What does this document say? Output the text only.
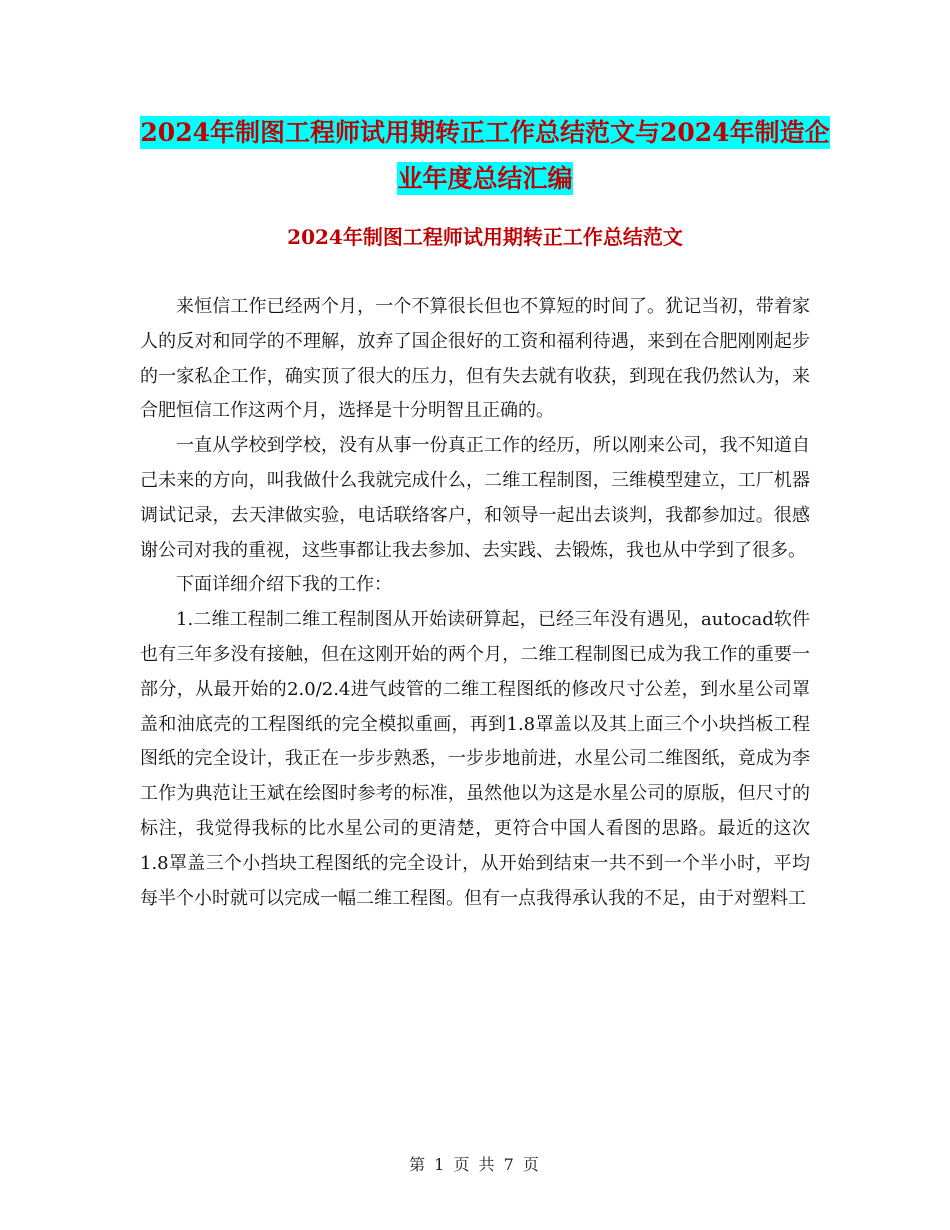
2024年制图工程师试用期转正工作总结范文与2024年制造企业年度总结汇编
2024年制图工程师试用期转正工作总结范文

来恒信工作已经两个月，一个不算很长但也不算短的时间了。犹记当初，带着家人的反对和同学的不理解，放弃了国企很好的工资和福利待遇，来到在合肥刚刚起步的一家私企工作，确实顶了很大的压力，但有失去就有收获，到现在我仍然认为，来合肥恒信工作这两个月，选择是十分明智且正确的。

一直从学校到学校，没有从事一份真正工作的经历，所以刚来公司，我不知道自己未来的方向，叫我做什么我就完成什么，二维工程制图，三维模型建立，工厂机器调试记录，去天津做实验，电话联络客户，和领导一起出去谈判，我都参加过。很感谢公司对我的重视，这些事都让我去参加、去实践、去锻炼，我也从中学到了很多。

下面详细介绍下我的工作：

1.二维工程制二维工程制图从开始读研算起，已经三年没有遇见，autocad软件也有三年多没有接触，但在这刚开始的两个月，二维工程制图已成为我工作的重要一部分，从最开始的2.0/2.4进气歧管的二维工程图纸的修改尺寸公差，到水星公司罩盖和油底壳的工程图纸的完全模拟重画，再到1.8罩盖以及其上面三个小块挡板工程图纸的完全设计，我正在一步步熟悉，一步步地前进，水星公司二维图纸，竟成为李工作为典范让王斌在绘图时参考的标准，虽然他以为这是水星公司的原版，但尺寸的标注，我觉得我标的比水星公司的更清楚，更符合中国人看图的思路。最近的这次1.8罩盖三个小挡块工程图纸的完全设计，从开始到结束一共不到一个半小时，平均每半个小时就可以完成一幅二维工程图。但有一点我得承认我的不足，由于对塑料工

第 1 页 共 7 页
